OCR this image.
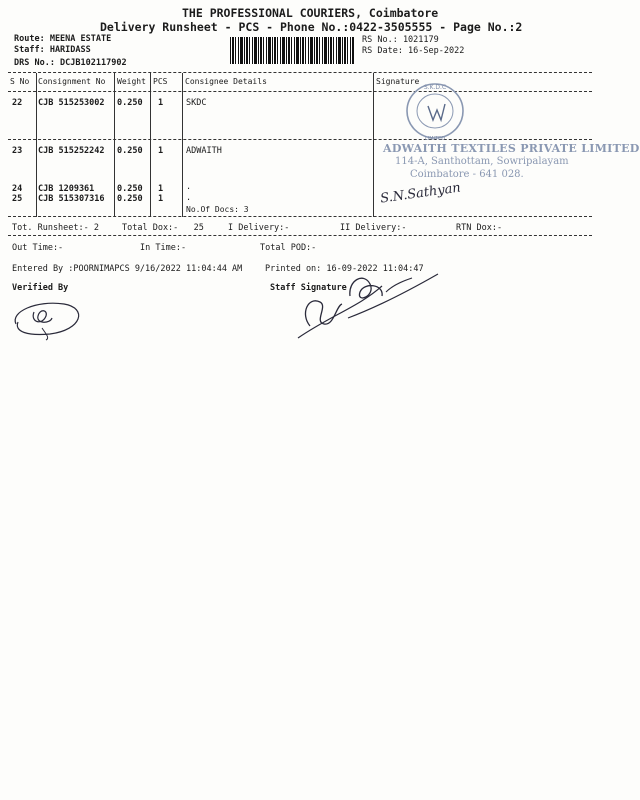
THE PROFESSIONAL COURIERS, Coimbatore
Delivery Runsheet - PCS - Phone No.:0422-3505555 - Page No.:2
Route: MEENA ESTATE
Staff: HARIDASS
DRS No.: DCJB102117902
RS No.: 1021179
RS Date: 16-Sep-2022
S No Consignment No Weight PCS Consignee Details	Signature
22 CJB 515253002 0.250 1	SKDC
23 CJB 515252242 0.250 1	ADWAITH
24 CJB 1209361	0.250 1	.
25 CJB 515307316 0.250 1	.
No.Of Docs: 3
S.K.D.C
LIMITED
ADWAITH TEXTILES PRIVATE LIMITED
114-A, Santhottam, Sowripalayam
Coimbatore - 641 028.
S.N.Sathyan
Tot. Runsheet:- 2	Total Dox:-   25	I Delivery:-	II Delivery:-	RTN Dox:-
Out Time:-	In Time:-	Total POD:-
Entered By :POORNIMAPCS 9/16/2022 11:04:44 AM	Printed on: 16-09-2022 11:04:47
Verified By	Staff Signature
